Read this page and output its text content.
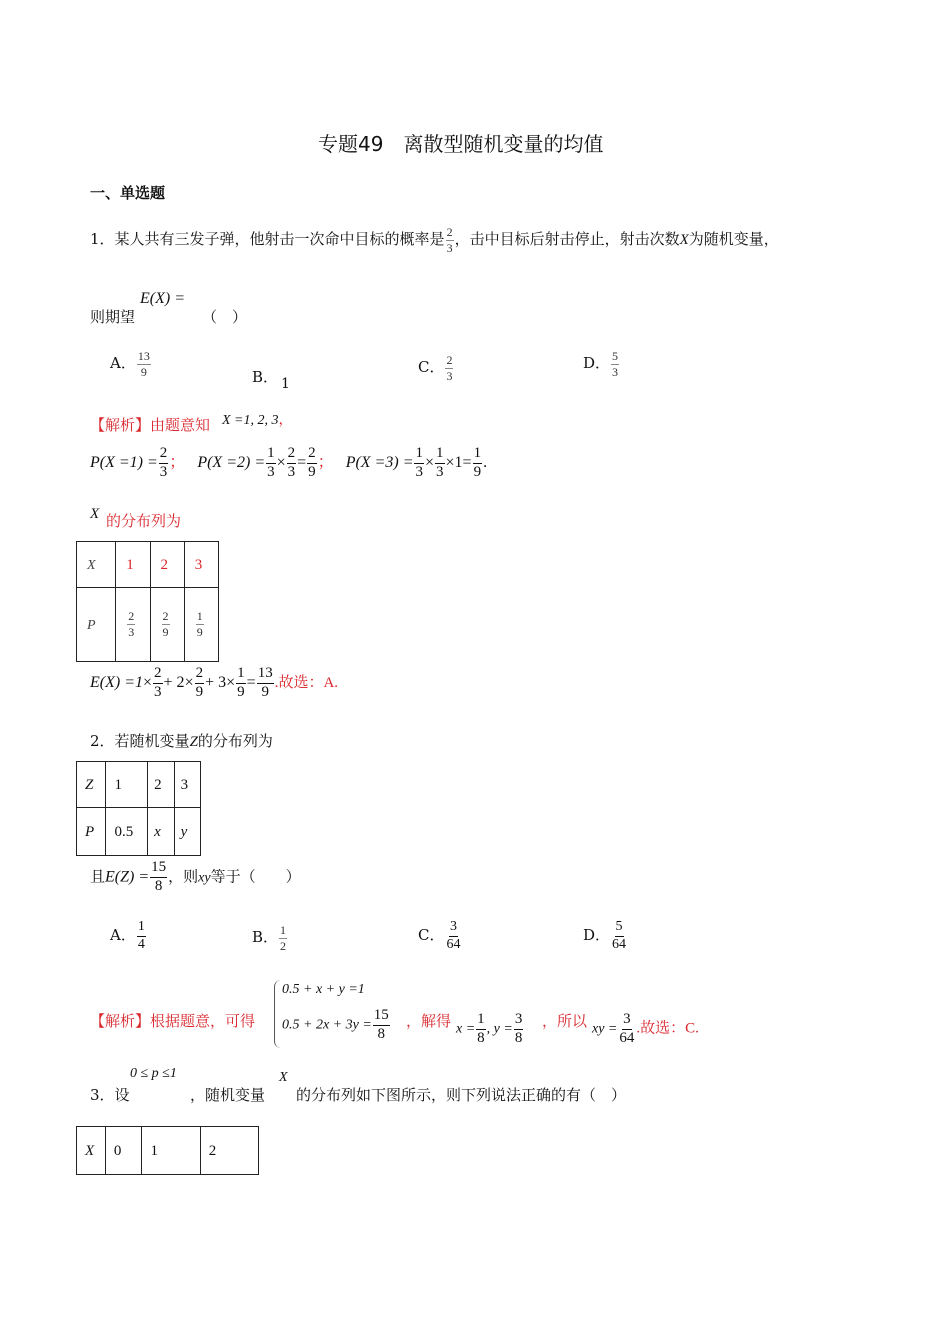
专题49　离散型随机变量的均值
一、单选题
1．某人共有三发子弹，他射击一次命中目标的概率是 $\frac{2}{3}$ ，击中目标后射击停止，射击次数X为随机变量，
则期望
E(X) =
（　）
A． $\frac{13}{9}$	B． 1
C． $\frac{2}{3}$	D． $\frac{5}{3}$
【解析】由题意知 X =1, 2, 3，
$P(X =1) = \frac{2}{3}$ ； $P(X =2) = \frac{1}{3} \times \frac{2}{3} = \frac{2}{9}$ ； $P(X =3) = \frac{1}{3} \times \frac{1}{3} \times 1= \frac{1}{9}$ .
X 的分布列为
X	1	2	3
P	$\frac{2}{3}$	$\frac{2}{9}$	$\frac{1}{9}$
$E(X) =1\times \frac{2}{3} + 2\times \frac{2}{9} + 3\times \frac{1}{9} = \frac{13}{9}$ .故选：A.
2．若随机变量Z的分布列为
Z	1	2	3
P	0.5	x	y
且$E(Z) = \frac{15}{8}$ ，则xy等于（　　）
A． $\frac{1}{4}$	B． $\frac{1}{2}$	C． $\frac{3}{64}$	D． $\frac{5}{64}$
【解析】根据题意，可得
0.5 + x + y =1
$0.5 + 2x + 3y = \frac{15}{8}$ ，解得 $x = \frac{1}{8}$ , $y = \frac{3}{8}$ ，所以 xy = $\frac{3}{64}$ .故选：C.
3．设
0 ≤ p ≤1
，随机变量
X
的分布列如下图所示，则下列说法正确的有（　）
X	0	1	2
